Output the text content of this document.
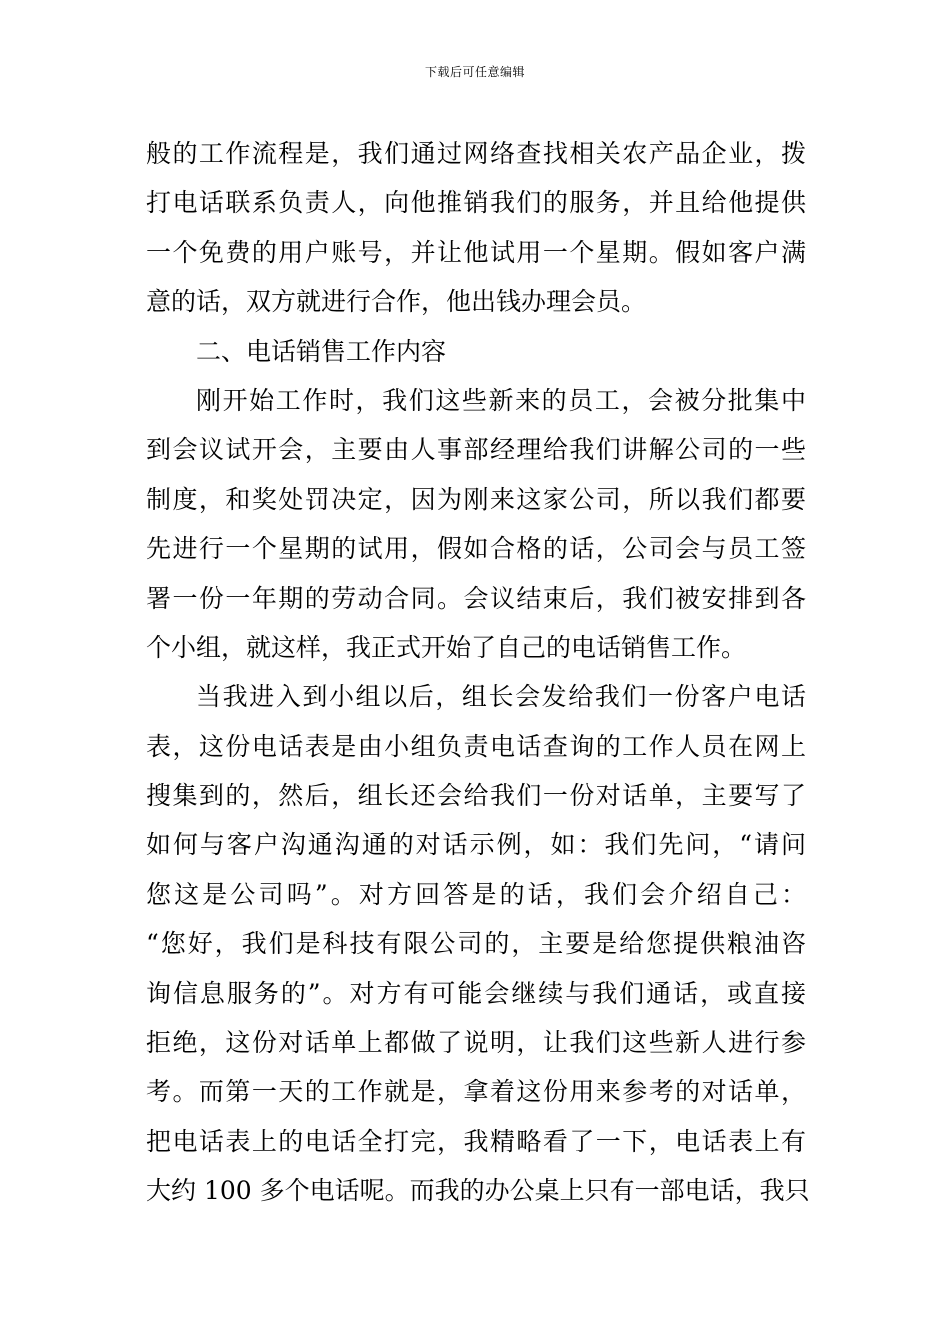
下载后可任意编辑
般的工作流程是，我们通过网络查找相关农产品企业，拨
打电话联系负责人，向他推销我们的服务，并且给他提供
一个免费的用户账号，并让他试用一个星期。假如客户满
意的话，双方就进行合作，他出钱办理会员。
二、电话销售工作内容
刚开始工作时，我们这些新来的员工，会被分批集中
到会议试开会，主要由人事部经理给我们讲解公司的一些
制度，和奖处罚决定，因为刚来这家公司，所以我们都要
先进行一个星期的试用，假如合格的话，公司会与员工签
署一份一年期的劳动合同。会议结束后，我们被安排到各
个小组，就这样，我正式开始了自己的电话销售工作。
当我进入到小组以后，组长会发给我们一份客户电话
表，这份电话表是由小组负责电话查询的工作人员在网上
搜集到的，然后，组长还会给我们一份对话单，主要写了
如何与客户沟通沟通的对话示例，如：我们先问，“请问
您这是公司吗”。对方回答是的话，我们会介绍自己：
“您好，我们是科技有限公司的，主要是给您提供粮油咨
询信息服务的”。对方有可能会继续与我们通话，或直接
拒绝，这份对话单上都做了说明，让我们这些新人进行参
考。而第一天的工作就是，拿着这份用来参考的对话单，
把电话表上的电话全打完，我精略看了一下，电话表上有
大约 100 多个电话呢。而我的办公桌上只有一部电话，我只
